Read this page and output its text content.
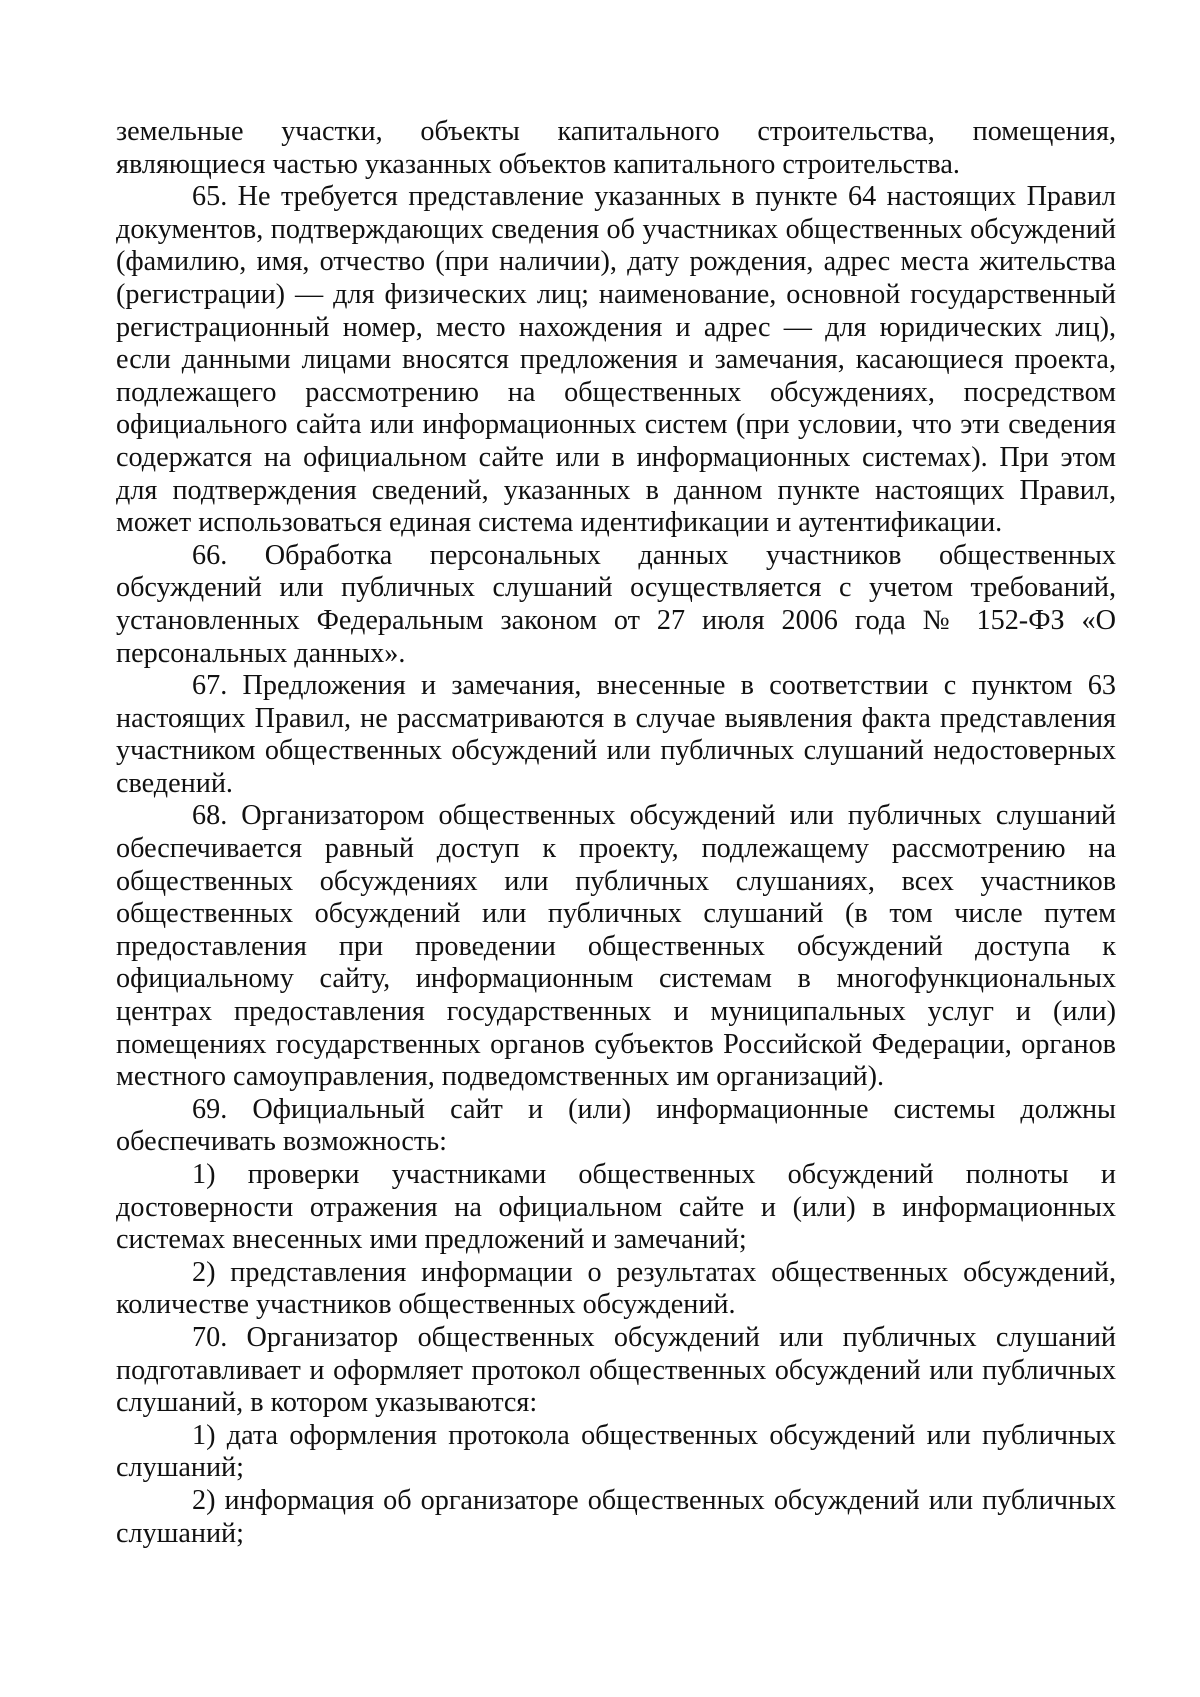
земельные участки, объекты капитального строительства, помещения, являющиеся частью указанных объектов капитального строительства.

65. Не требуется представление указанных в пункте 64 настоящих Правил документов, подтверждающих сведения об участниках общественных обсуждений (фамилию, имя, отчество (при наличии), дату рождения, адрес места жительства (регистрации) — для физических лиц; наименование, основной государственный регистрационный номер, место нахождения и адрес — для юридических лиц), если данными лицами вносятся предложения и замечания, касающиеся проекта, подлежащего рассмотрению на общественных обсуждениях, посредством официального сайта или информационных систем (при условии, что эти сведения содержатся на официальном сайте или в информационных системах). При этом для подтверждения сведений, указанных в данном пункте настоящих Правил, может использоваться единая система идентификации и аутентификации.

66. Обработка персональных данных участников общественных обсуждений или публичных слушаний осуществляется с учетом требований, установленных Федеральным законом от 27 июля 2006 года № 152-ФЗ «О персональных данных».

67. Предложения и замечания, внесенные в соответствии с пунктом 63 настоящих Правил, не рассматриваются в случае выявления факта представления участником общественных обсуждений или публичных слушаний недостоверных сведений.

68. Организатором общественных обсуждений или публичных слушаний обеспечивается равный доступ к проекту, подлежащему рассмотрению на общественных обсуждениях или публичных слушаниях, всех участников общественных обсуждений или публичных слушаний (в том числе путем предоставления при проведении общественных обсуждений доступа к официальному сайту, информационным системам в многофункциональных центрах предоставления государственных и муниципальных услуг и (или) помещениях государственных органов субъектов Российской Федерации, органов местного самоуправления, подведомственных им организаций).

69. Официальный сайт и (или) информационные системы должны обеспечивать возможность:

1) проверки участниками общественных обсуждений полноты и достоверности отражения на официальном сайте и (или) в информационных системах внесенных ими предложений и замечаний;

2) представления информации о результатах общественных обсуждений, количестве участников общественных обсуждений.

70. Организатор общественных обсуждений или публичных слушаний подготавливает и оформляет протокол общественных обсуждений или публичных слушаний, в котором указываются:

1) дата оформления протокола общественных обсуждений или публичных слушаний;

2) информация об организаторе общественных обсуждений или публичных слушаний;
